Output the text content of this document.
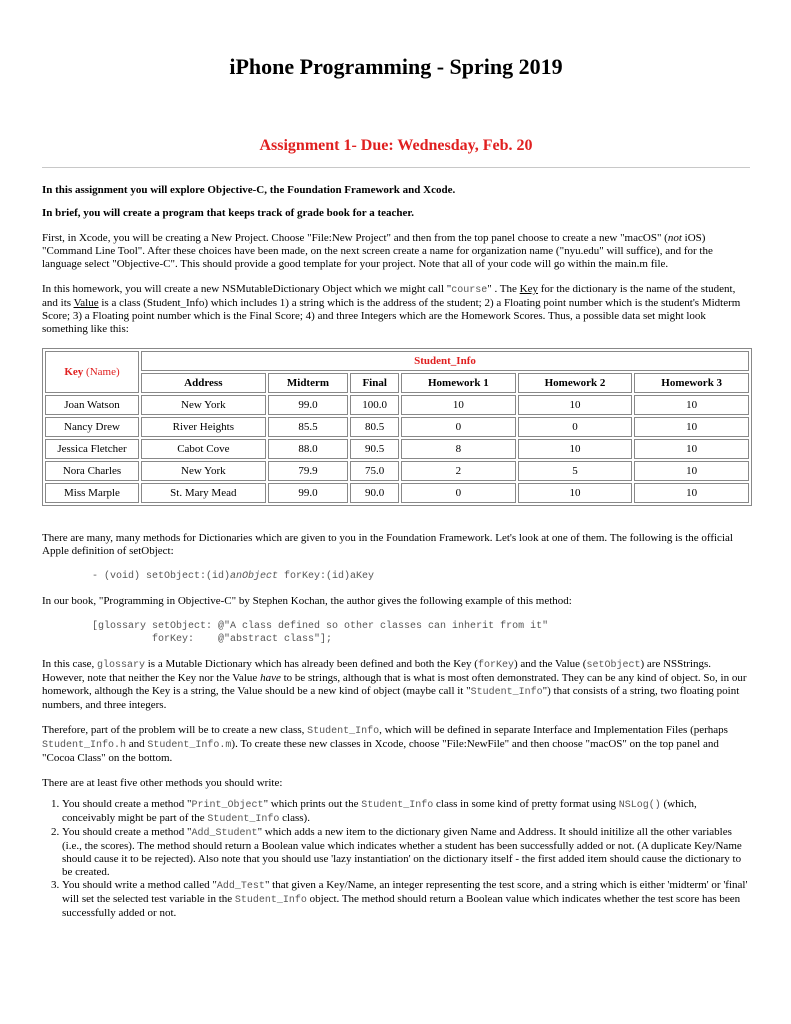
iPhone Programming - Spring 2019
Assignment 1- Due: Wednesday, Feb. 20

In this assignment you will explore Objective-C, the Foundation Framework and Xcode.

In brief, you will create a program that keeps track of grade book for a teacher.

First, in Xcode, you will be creating a New Project. Choose "File:New Project" and then from the top panel choose to create a new "macOS" (not iOS) "Command Line Tool". After these choices have been made, on the next screen create a name for organization name ("nyu.edu" will suffice), and for the language select "Objective-C". This should provide a good template for your project. Note that all of your code will go within the main.m file.

In this homework, you will create a new NSMutableDictionary Object which we might call "course" . The Key for the dictionary is the name of the student, and its Value is a class (Student_Info) which includes 1) a string which is the address of the student; 2) a Floating point number which is the student's Midterm Score; 3) a Floating point number which is the Final Score; 4) and three Integers which are the Homework Scores. Thus, a possible data set might look something like this:

Key (Name)	Student_Info					
	Address	Midterm	Final	Homework 1	Homework 2	Homework 3
Joan Watson	New York	99.0	100.0	10	10	10
Nancy Drew	River Heights	85.5	80.5	0	0	10
Jessica Fletcher	Cabot Cove	88.0	90.5	8	10	10
Nora Charles	New York	79.9	75.0	2	5	10
Miss Marple	St. Mary Mead	99.0	90.0	0	10	10

There are many, many methods for Dictionaries which are given to you in the Foundation Framework. Let's look at one of them. The following is the official Apple definition of setObject:

- (void) setObject:(id)anObject forKey:(id)aKey

In our book, "Programming in Objective-C" by Stephen Kochan, the author gives the following example of this method:

[glossary setObject: @"A class defined so other classes can inherit from it"
forKey:    @"abstract class"];

In this case, glossary is a Mutable Dictionary which has already been defined and both the Key (forKey) and the Value (setObject) are NSStrings. However, note that neither the Key nor the Value have to be strings, although that is what is most often demonstrated. They can be any kind of object. So, in our homework, although the Key is a string, the Value should be a new kind of object (maybe call it "Student_Info") that consists of a string, two floating point numbers, and three integers.

Therefore, part of the problem will be to create a new class, Student_Info, which will be defined in separate Interface and Implementation Files (perhaps Student_Info.h and Student_Info.m). To create these new classes in Xcode, choose "File:NewFile" and then choose "macOS" on the top panel and "Cocoa Class" on the bottom.

There are at least five other methods you should write:

1. You should create a method "Print_Object" which prints out the Student_Info class in some kind of pretty format using NSLog() (which, conceivably might be part of the Student_Info class).
2. You should create a method "Add_Student" which adds a new item to the dictionary given Name and Address. It should initilize all the other variables (i.e., the scores). The method should return a Boolean value which indicates whether a student has been successfully added or not. (A duplicate Key/Name should cause it to be rejected). Also note that you should use 'lazy instantiation' on the dictionary itself - the first added item should cause the dictionary to be created.
3. You should write a method called "Add_Test" that given a Key/Name, an integer representing the test score, and a string which is either 'midterm' or 'final' will set the selected test variable in the Student_Info object. The method should return a Boolean value which indicates whether the test score has been successfully added or not.
